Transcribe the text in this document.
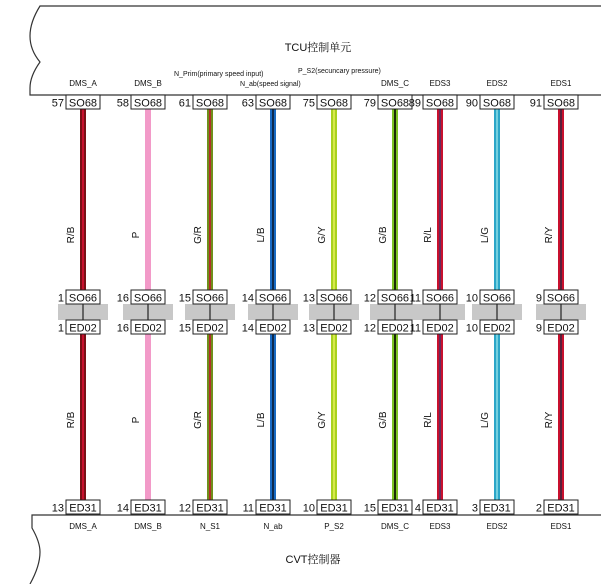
TCU控制单元
CVT控制器
N_Prim(primary speed input)
N_ab(speed signal)
P_S2(secuncary pressure)
DMS_A
SO68
SO66
ED02
ED31
57
1
1
13
R/B
R/B
DMS_A
DMS_B
SO68
SO66
ED02
ED31
58
16
16
14
P
P
DMS_B
SO68
SO66
ED02
ED31
61
15
15
12
G/R
G/R
N_S1
SO68
SO66
ED02
ED31
63
14
14
11
L/B
L/B
N_ab
SO68
SO66
ED02
ED31
75
13
13
10
G/Y
G/Y
P_S2
DMS_C
SO68
SO66
ED02
ED31
79
12
12
15
G/B
G/B
DMS_C
EDS3
SO68
SO66
ED02
ED31
89
11
11
4
R/L
R/L
EDS3
EDS2
SO68
SO66
ED02
ED31
90
10
10
3
L/G
L/G
EDS2
EDS1
SO68
SO66
ED02
ED31
91
9
9
2
R/Y
R/Y
EDS1
